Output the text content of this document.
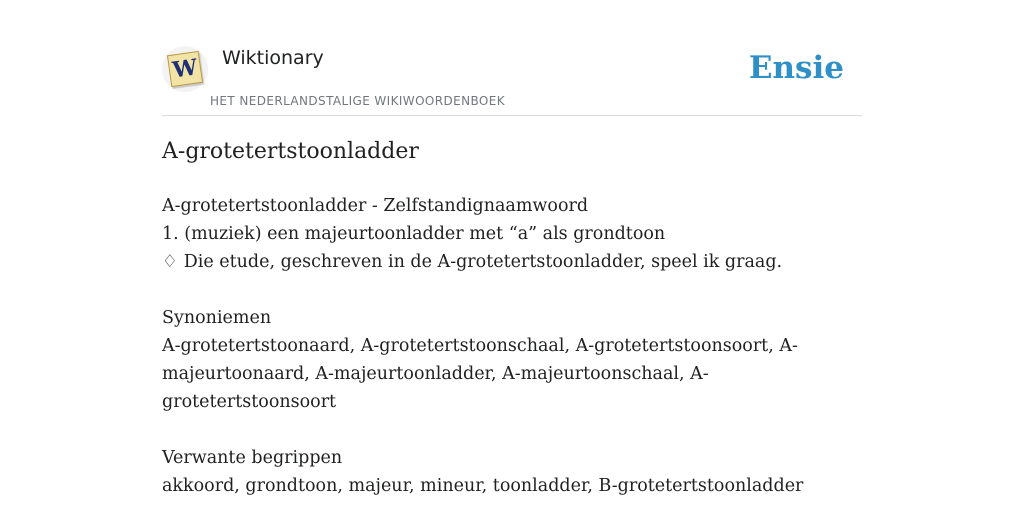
W Wiktionary
HET NEDERLANDSTALIGE WIKIWOORDENBOEK
Ensie
A-grotetertstoonladder
A-grotetertstoonladder - Zelfstandignaamwoord
1. (muziek) een majeurtoonladder met “a” als grondtoon
♢ Die etude, geschreven in de A-grotetertstoonladder, speel ik graag.
Synoniemen
A-grotetertstoonaard, A-grotetertstoonschaal, A-grotetertstoonsoort, A-majeurtoonaard, A-majeurtoonladder, A-majeurtoonschaal, A-grotetertstoonsoort
Verwante begrippen
akkoord, grondtoon, majeur, mineur, toonladder, B-grotetertstoonladder
